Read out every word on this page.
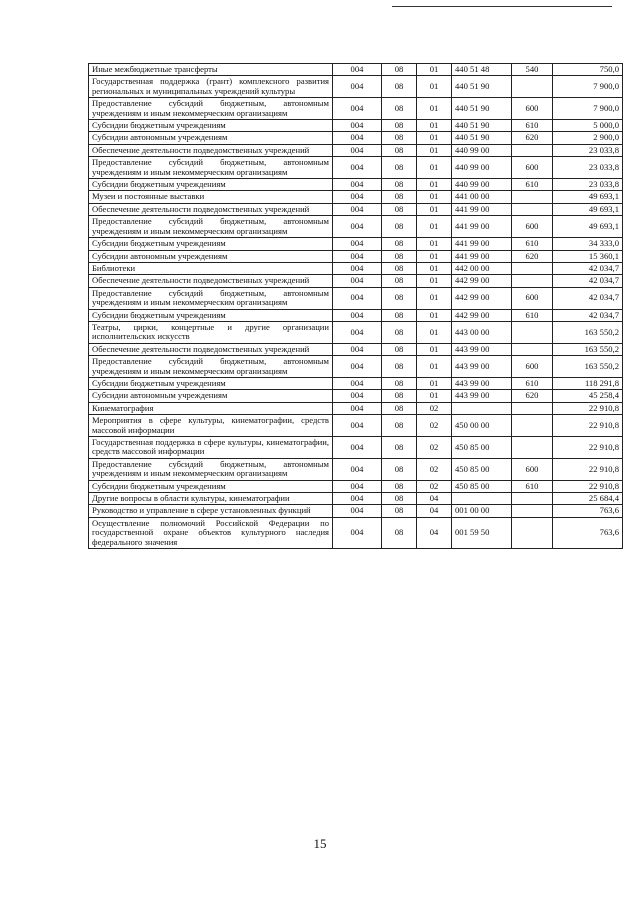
Иные межбюджетные трансферты	004	08	01	440 51 48	540	750,0
Государственная поддержка (грант) комплексного развития региональных и муниципальных учреждений культуры	004	08	01	440 51 90		7 900,0
Предоставление субсидий бюджетным, автономным учреждениям и иным некоммерческим организациям	004	08	01	440 51 90	600	7 900,0
Субсидии бюджетным учреждениям	004	08	01	440 51 90	610	5 000,0
Субсидии автономным учреждениям	004	08	01	440 51 90	620	2 900,0
Обеспечение деятельности подведомственных учреждений	004	08	01	440 99 00		23 033,8
Предоставление субсидий бюджетным, автономным учреждениям и иным некоммерческим организациям	004	08	01	440 99 00	600	23 033,8
Субсидии бюджетным учреждениям	004	08	01	440 99 00	610	23 033,8
Музеи и постоянные выставки	004	08	01	441 00 00		49 693,1
Обеспечение деятельности подведомственных учреждений	004	08	01	441 99 00		49 693,1
Предоставление субсидий бюджетным, автономным учреждениям и иным некоммерческим организациям	004	08	01	441 99 00	600	49 693,1
Субсидии бюджетным учреждениям	004	08	01	441 99 00	610	34 333,0
Субсидии автономным учреждениям	004	08	01	441 99 00	620	15 360,1
Библиотеки	004	08	01	442 00 00		42 034,7
Обеспечение деятельности подведомственных учреждений	004	08	01	442 99 00		42 034,7
Предоставление субсидий бюджетным, автономным учреждениям и иным некоммерческим организациям	004	08	01	442 99 00	600	42 034,7
Субсидии бюджетным учреждениям	004	08	01	442 99 00	610	42 034,7
Театры, цирки, концертные и другие организации исполнительских искусств	004	08	01	443 00 00		163 550,2
Обеспечение деятельности подведомственных учреждений	004	08	01	443 99 00		163 550,2
Предоставление субсидий бюджетным, автономным учреждениям и иным некоммерческим организациям	004	08	01	443 99 00	600	163 550,2
Субсидии бюджетным учреждениям	004	08	01	443 99 00	610	118 291,8
Субсидии автономным учреждениям	004	08	01	443 99 00	620	45 258,4
Кинематография	004	08	02			22 910,8
Мероприятия в сфере культуры, кинематографии, средств массовой информации	004	08	02	450 00 00		22 910,8
Государственная поддержка в сфере культуры, кинематографии, средств массовой информации	004	08	02	450 85 00		22 910,8
Предоставление субсидий бюджетным, автономным учреждениям и иным некоммерческим организациям	004	08	02	450 85 00	600	22 910,8
Субсидии бюджетным учреждениям	004	08	02	450 85 00	610	22 910,8
Другие вопросы в области культуры, кинематографии	004	08	04			25 684,4
Руководство и управление в сфере установленных функций	004	08	04	001 00 00		763,6
Осуществление полномочий Российской Федерации по государственной охране объектов культурного наследия федерального значения	004	08	04	001 59 50		763,6
15
